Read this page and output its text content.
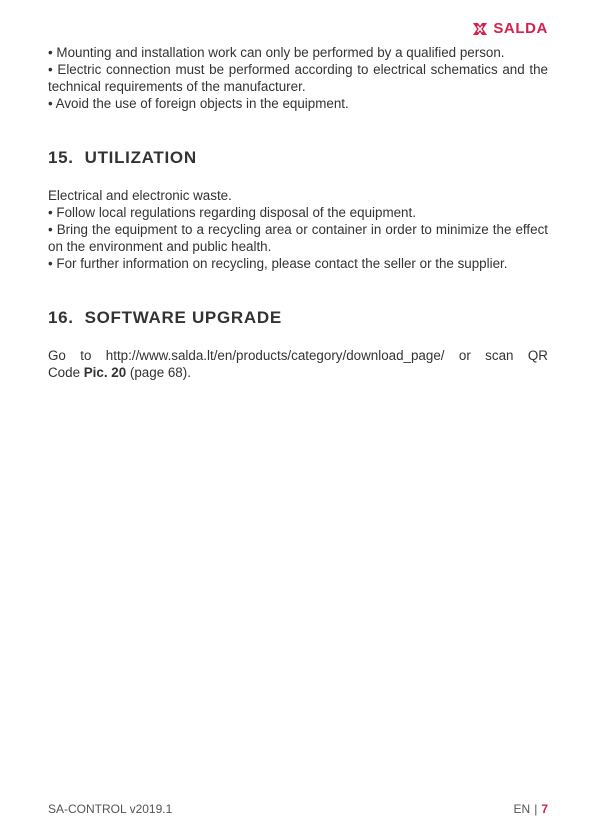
SALDA

• Mounting and installation work can only be performed by a qualified person.

• Electric connection must be performed according to electrical schematics and the technical requirements of the manufacturer.

• Avoid the use of foreign objects in the equipment.

15. UTILIZATION

Electrical and electronic waste.

• Follow local regulations regarding disposal of the equipment.

• Bring the equipment to a recycling area or container in order to minimize the effect on the environment and public health.

• For further information on recycling, please contact the seller or the supplier.

16. SOFTWARE UPGRADE
Go to http://www.salda.lt/en/products/category/download_page/ or scan QR

Code Pic. 20 (page 68).

SA-CONTROL v2019.1	EN | 7
